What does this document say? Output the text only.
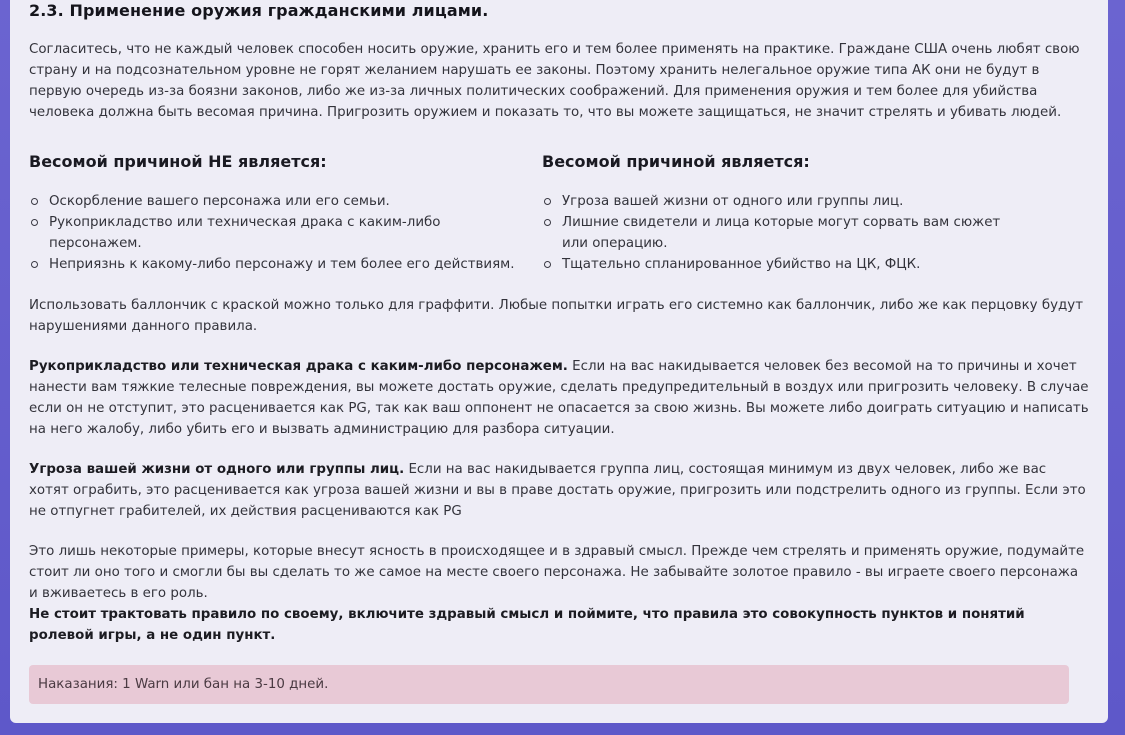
2.3. Применение оружия гражданскими лицами.

Согласитесь, что не каждый человек способен носить оружие, хранить его и тем более применять на практике. Граждане США очень любят свою страну и на подсознательном уровне не горят желанием нарушать ее законы. Поэтому хранить нелегальное оружие типа АК они не будут в первую очередь из-за боязни законов, либо же из-за личных политических соображений. Для применения оружия и тем более для убийства человека должна быть весомая причина. Пригрозить оружием и показать то, что вы можете защищаться, не значит стрелять и убивать людей.

Весомой причиной НЕ является:
Оскорбление вашего персонажа или его семьи.
Рукоприкладство или техническая драка с каким-либо персонажем.
Неприязнь к какому-либо персонажу и тем более его действиям.
Весомой причиной является:
Угроза вашей жизни от одного или группы лиц.
Лишние свидетели и лица которые могут сорвать вам сюжет или операцию.
Тщательно спланированное убийство на ЦК, ФЦК.

Использовать баллончик с краской можно только для граффити. Любые попытки играть его системно как баллончик, либо же как перцовку будут нарушениями данного правила.

Рукоприкладство или техническая драка с каким-либо персонажем. Если на вас накидывается человек без весомой на то причины и хочет нанести вам тяжкие телесные повреждения, вы можете достать оружие, сделать предупредительный в воздух или пригрозить человеку. В случае если он не отступит, это расценивается как PG, так как ваш оппонент не опасается за свою жизнь. Вы можете либо доиграть ситуацию и написать на него жалобу, либо убить его и вызвать администрацию для разбора ситуации.

Угроза вашей жизни от одного или группы лиц. Если на вас накидывается группа лиц, состоящая минимум из двух человек, либо же вас хотят ограбить, это расценивается как угроза вашей жизни и вы в праве достать оружие, пригрозить или подстрелить одного из группы. Если это не отпугнет грабителей, их действия расцениваются как PG

Это лишь некоторые примеры, которые внесут ясность в происходящее и в здравый смысл. Прежде чем стрелять и применять оружие, подумайте стоит ли оно того и смогли бы вы сделать то же самое на месте своего персонажа. Не забывайте золотое правило - вы играете своего персонажа и вживаетесь в его роль.
Не стоит трактовать правило по своему, включите здравый смысл и поймите, что правила это совокупность пунктов и понятий ролевой игры, а не один пункт.

Наказания: 1 Warn или бан на 3-10 дней.
